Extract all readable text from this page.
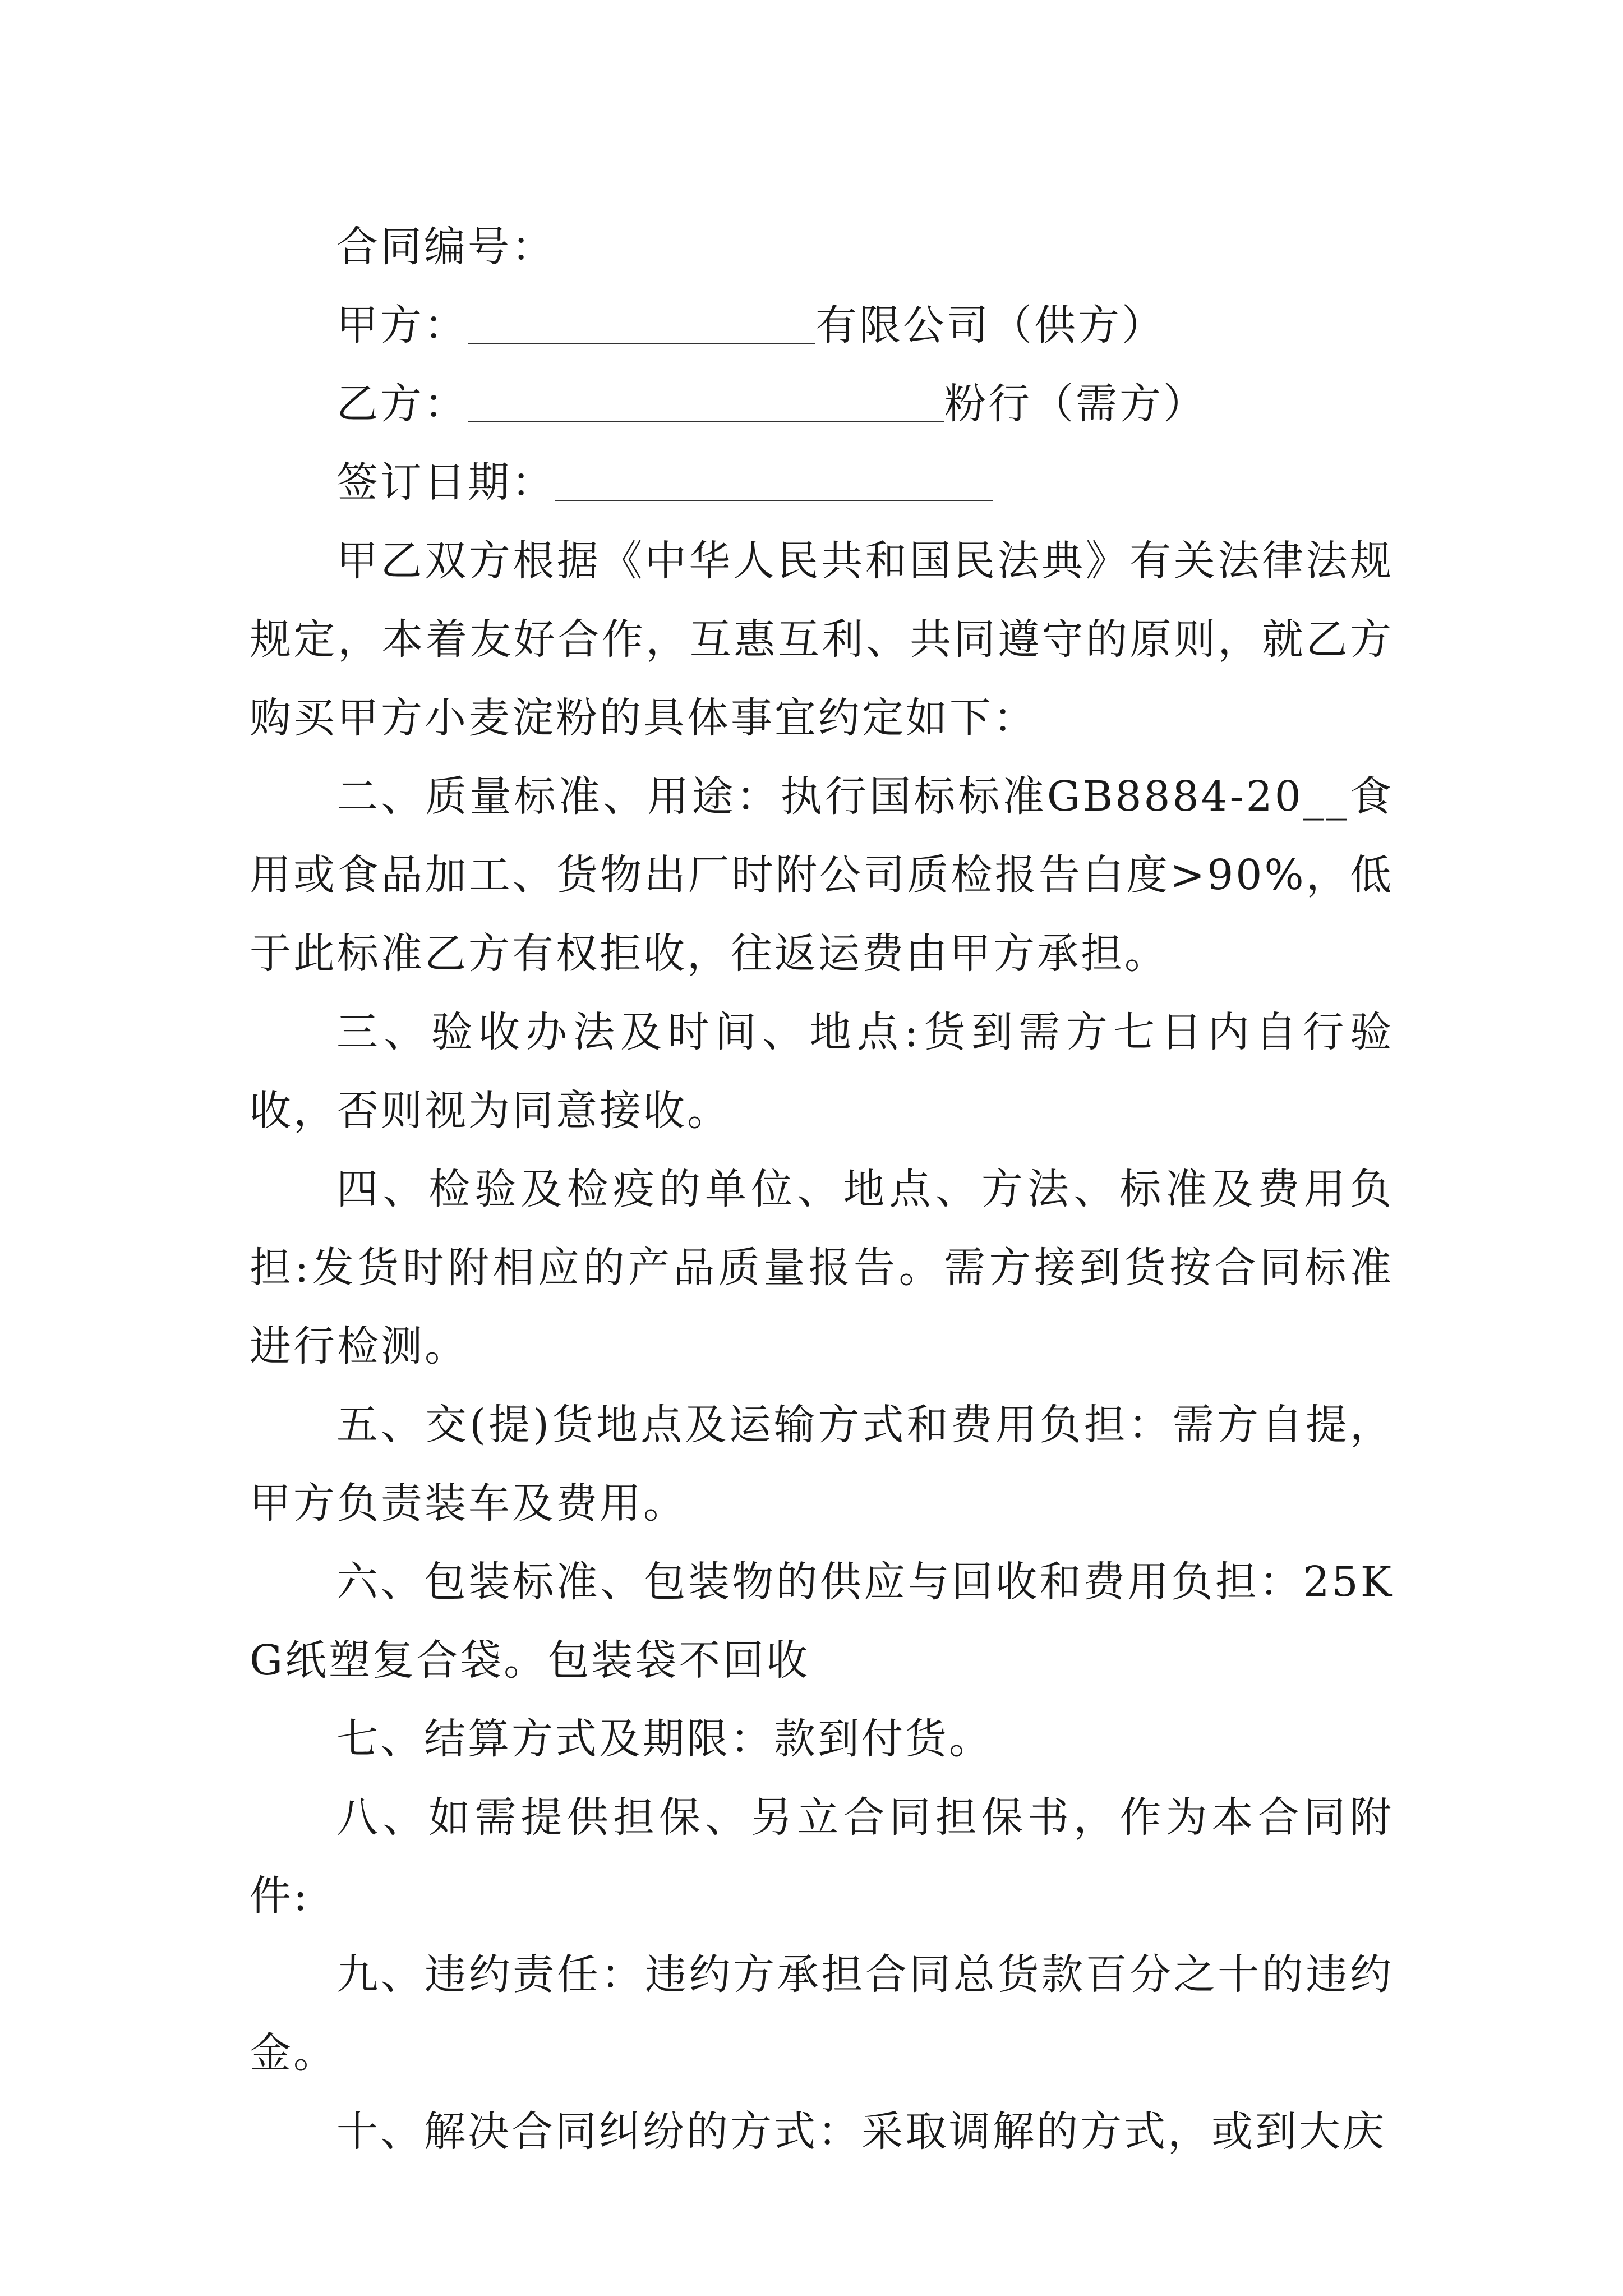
合同编号：
甲方：	有限公司（供方）
乙方：	粉行（需方）
签订日期：

甲乙双方根据《中华人民共和国民法典》有关法律法规规定，本着友好合作，互惠互利、共同遵守的原则，就乙方购买甲方小麦淀粉的具体事宜约定如下：

二、质量标准、用途：执行国标标准GB8884-20__食用或食品加工、货物出厂时附公司质检报告白度>90%，低于此标准乙方有权拒收，往返运费由甲方承担。

三、验收办法及时间、地点:货到需方七日内自行验收，否则视为同意接收。

四、检验及检疫的单位、地点、方法、标准及费用负担:发货时附相应的产品质量报告。需方接到货按合同标准进行检测。

五、交(提)货地点及运输方式和费用负担：需方自提，甲方负责装车及费用。

六、包装标准、包装物的供应与回收和费用负担：25KG纸塑复合袋。包装袋不回收

七、结算方式及期限：款到付货。

八、如需提供担保、另立合同担保书，作为本合同附件:

九、违约责任：违约方承担合同总货款百分之十的违约金。

十、解决合同纠纷的方式：采取调解的方式，或到大庆
